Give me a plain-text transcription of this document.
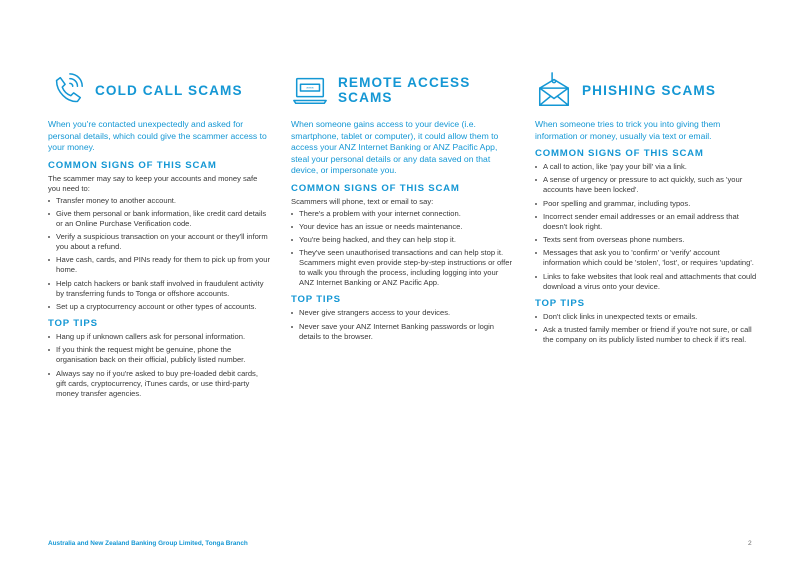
COLD CALL SCAMS

When you're contacted unexpectedly and asked for personal details, which could give the scammer access to your money.

COMMON SIGNS OF THIS SCAM

The scammer may say to keep your accounts and money safe you need to:

Transfer money to another account.
Give them personal or bank information, like credit card details or an Online Purchase Verification code.
Verify a suspicious transaction on your account or they'll inform you about a refund.
Have cash, cards, and PINs ready for them to pick up from your home.
Help catch hackers or bank staff involved in fraudulent activity by transferring funds to Tonga or offshore accounts.
Set up a cryptocurrency account or other types of accounts.
TOP TIPS
Hang up if unknown callers ask for personal information.
If you think the request might be genuine, phone the organisation back on their official, publicly listed number.
Always say no if you're asked to buy pre-loaded debit cards, gift cards, cryptocurrency, iTunes cards, or use third-party money transfer agencies.
**** REMOTE ACCESS SCAMS

When someone gains access to your device (i.e. smartphone, tablet or computer), it could allow them to access your ANZ Internet Banking or ANZ Pacific App, steal your personal details or any data saved on that device, or impersonate you.

COMMON SIGNS OF THIS SCAM

Scammers will phone, text or email to say:

There's a problem with your internet connection.
Your device has an issue or needs maintenance.
You're being hacked, and they can help stop it.
They've seen unauthorised transactions and can help stop it. Scammers might even provide step-by-step instructions or offer to walk you through the process, including logging into your ANZ Internet Banking or ANZ Pacific App.
TOP TIPS
Never give strangers access to your devices.
Never save your ANZ Internet Banking passwords or login details to the browser.
PHISHING SCAMS

When someone tries to trick you into giving them information or money, usually via text or email.

COMMON SIGNS OF THIS SCAM
A call to action, like 'pay your bill' via a link.
A sense of urgency or pressure to act quickly, such as 'your accounts have been locked'.
Poor spelling and grammar, including typos.
Incorrect sender email addresses or an email address that doesn't look right.
Texts sent from overseas phone numbers.
Messages that ask you to 'confirm' or 'verify' account information which could be 'stolen', 'lost', or requires 'updating'.
Links to fake websites that look real and attachments that could download a virus onto your device.
TOP TIPS
Don't click links in unexpected texts or emails.
Ask a trusted family member or friend if you're not sure, or call the company on its publicly listed number to check if it's real.
Australia and New Zealand Banking Group Limited, Tonga Branch	2
